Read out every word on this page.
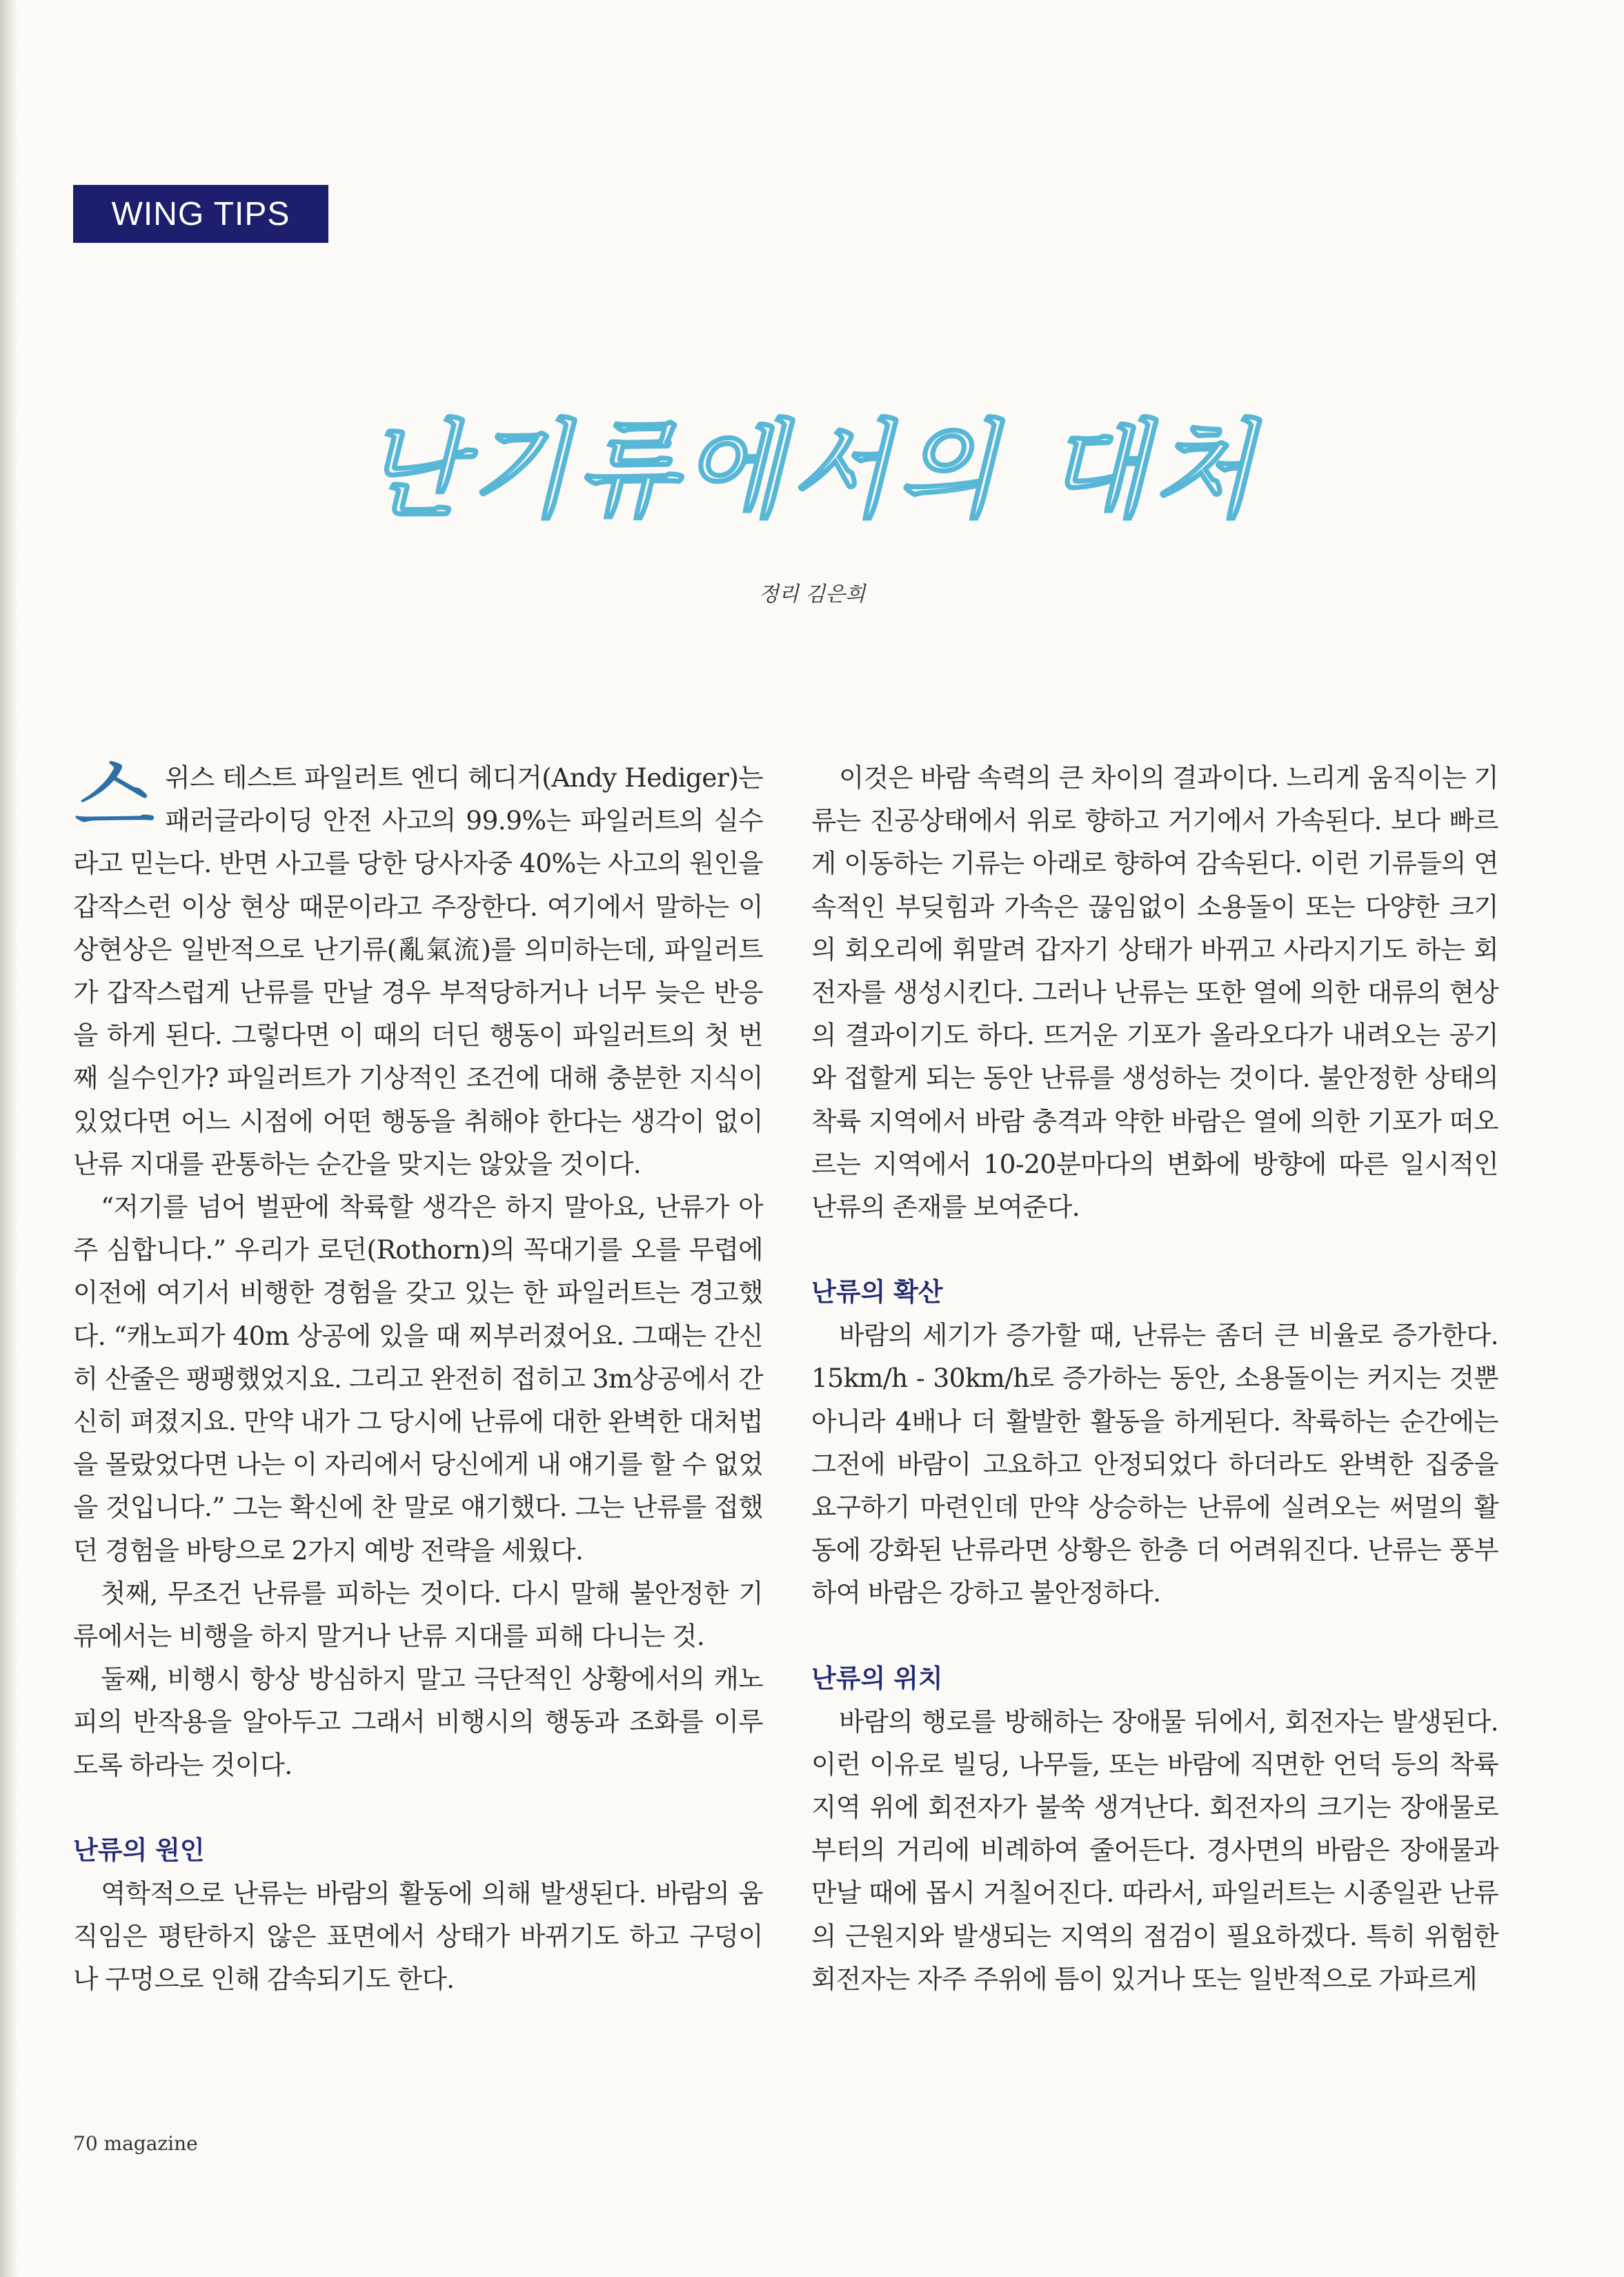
WING TIPS
난기류에서의 대처
정리 김은희

스위스 테스트 파일러트 엔디 헤디거(Andy Hediger)는 패러글라이딩 안전 사고의 99.9%는 파일러트의 실수라고 믿는다. 반면 사고를 당한 당사자중 40%는 사고의 원인을 갑작스런 이상 현상 때문이라고 주장한다. 여기에서 말하는 이상현상은 일반적으로 난기류(亂氣流)를 의미하는데, 파일러트가 갑작스럽게 난류를 만날 경우 부적당하거나 너무 늦은 반응을 하게 된다. 그렇다면 이 때의 더딘 행동이 파일러트의 첫 번째 실수인가? 파일러트가 기상적인 조건에 대해 충분한 지식이 있었다면 어느 시점에 어떤 행동을 취해야 한다는 생각이 없이 난류 지대를 관통하는 순간을 맞지는 않았을 것이다.

“저기를 넘어 벌판에 착륙할 생각은 하지 말아요, 난류가 아주 심합니다.” 우리가 로던(Rothorn)의 꼭대기를 오를 무렵에 이전에 여기서 비행한 경험을 갖고 있는 한 파일러트는 경고했다. “캐노피가 40m 상공에 있을 때 찌부러졌어요. 그때는 간신히 산줄은 팽팽했었지요. 그리고 완전히 접히고 3m상공에서 간신히 펴졌지요. 만약 내가 그 당시에 난류에 대한 완벽한 대처법을 몰랐었다면 나는 이 자리에서 당신에게 내 얘기를 할 수 없었을 것입니다.” 그는 확신에 찬 말로 얘기했다. 그는 난류를 접했던 경험을 바탕으로 2가지 예방 전략을 세웠다.

첫째, 무조건 난류를 피하는 것이다. 다시 말해 불안정한 기류에서는 비행을 하지 말거나 난류 지대를 피해 다니는 것.

둘째, 비행시 항상 방심하지 말고 극단적인 상황에서의 캐노피의 반작용을 알아두고 그래서 비행시의 행동과 조화를 이루도록 하라는 것이다.

난류의 원인

역학적으로 난류는 바람의 활동에 의해 발생된다. 바람의 움직임은 평탄하지 않은 표면에서 상태가 바뀌기도 하고 구덩이나 구멍으로 인해 감속되기도 한다.

이것은 바람 속력의 큰 차이의 결과이다. 느리게 움직이는 기류는 진공상태에서 위로 향하고 거기에서 가속된다. 보다 빠르게 이동하는 기류는 아래로 향하여 감속된다. 이런 기류들의 연속적인 부딪힘과 가속은 끊임없이 소용돌이 또는 다양한 크기의 회오리에 휘말려 갑자기 상태가 바뀌고 사라지기도 하는 회전자를 생성시킨다. 그러나 난류는 또한 열에 의한 대류의 현상의 결과이기도 하다. 뜨거운 기포가 올라오다가 내려오는 공기와 접할게 되는 동안 난류를 생성하는 것이다. 불안정한 상태의 착륙 지역에서 바람 충격과 약한 바람은 열에 의한 기포가 떠오르는 지역에서 10-20분마다의 변화에 방향에 따른 일시적인 난류의 존재를 보여준다.

난류의 확산

바람의 세기가 증가할 때, 난류는 좀더 큰 비율로 증가한다. 15km/h - 30km/h로 증가하는 동안, 소용돌이는 커지는 것뿐 아니라 4배나 더 활발한 활동을 하게된다. 착륙하는 순간에는 그전에 바람이 고요하고 안정되었다 하더라도 완벽한 집중을 요구하기 마련인데 만약 상승하는 난류에 실려오는 써멀의 활동에 강화된 난류라면 상황은 한층 더 어려워진다. 난류는 풍부하여 바람은 강하고 불안정하다.

난류의 위치

바람의 행로를 방해하는 장애물 뒤에서, 회전자는 발생된다. 이런 이유로 빌딩, 나무들, 또는 바람에 직면한 언덕 등의 착륙 지역 위에 회전자가 불쑥 생겨난다. 회전자의 크기는 장애물로부터의 거리에 비례하여 줄어든다. 경사면의 바람은 장애물과 만날 때에 몹시 거칠어진다. 따라서, 파일러트는 시종일관 난류의 근원지와 발생되는 지역의 점검이 필요하겠다. 특히 위험한 회전자는 자주 주위에 틈이 있거나 또는 일반적으로 가파르게

70 magazine
